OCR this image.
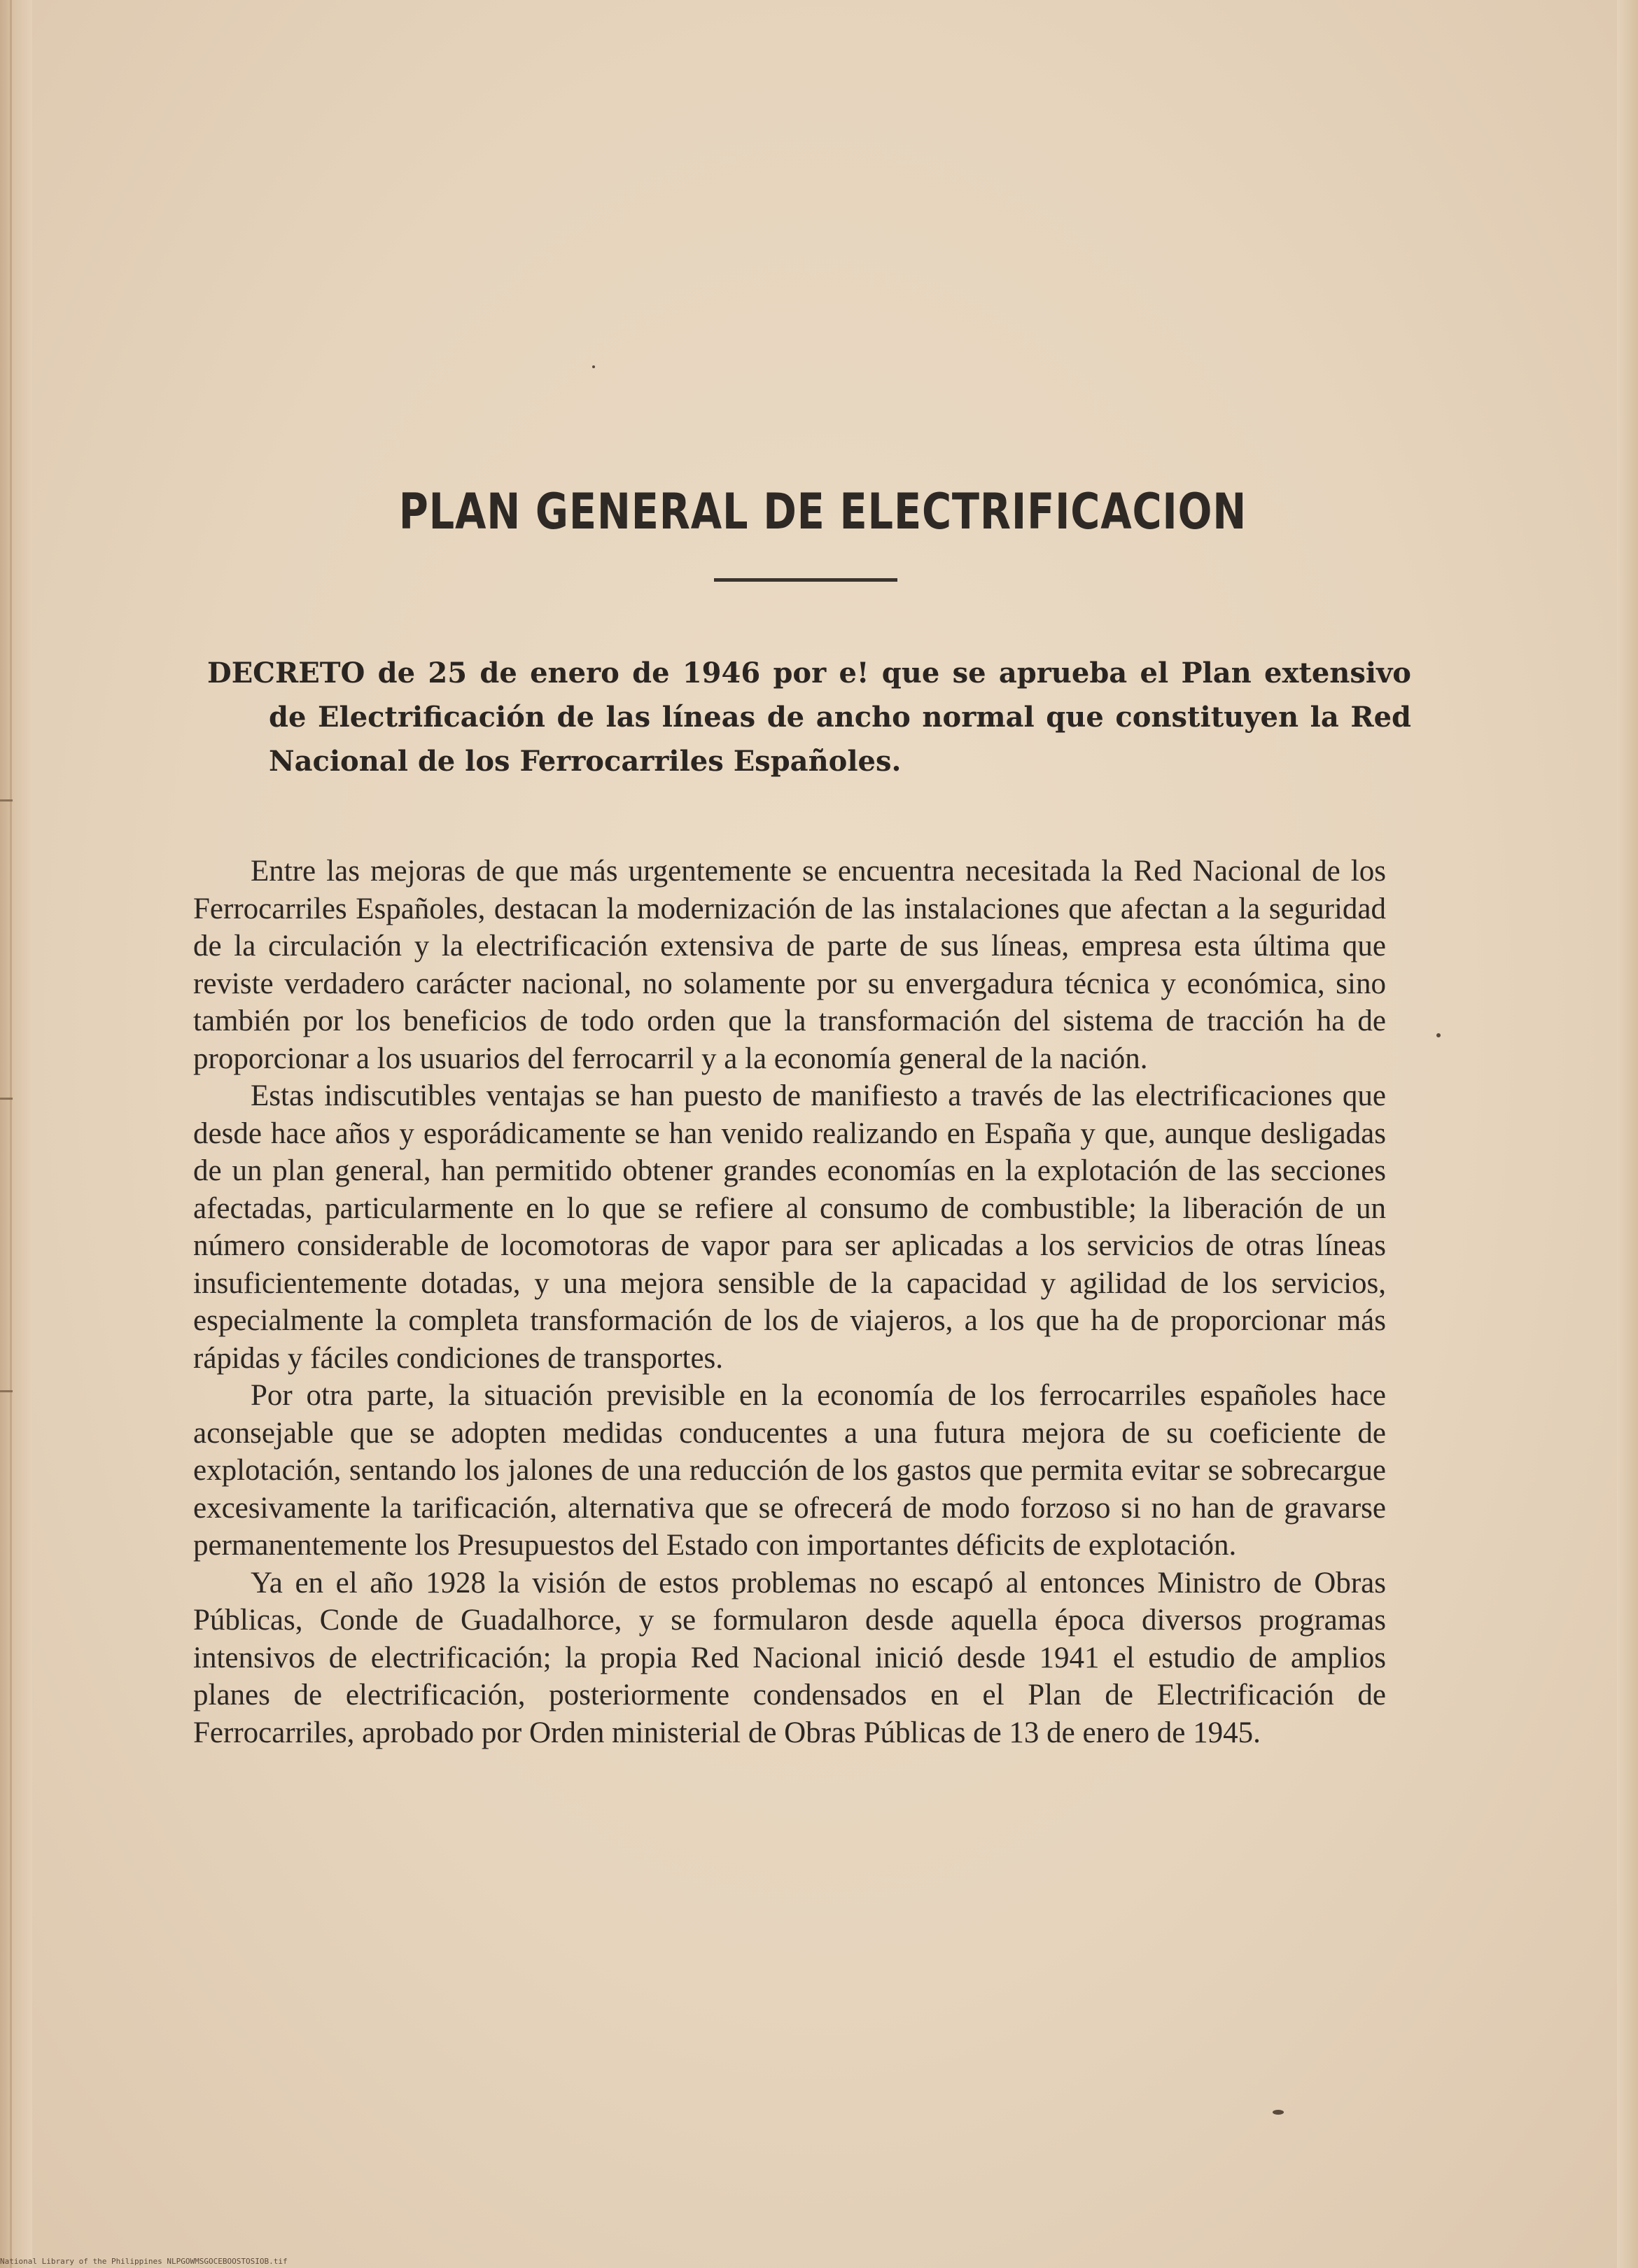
PLAN GENERAL DE ELECTRIFICACION
DECRETO de 25 de enero de 1946 por e! que se aprueba el Plan extensivo de Electrificación de las líneas de ancho normal que constituyen la Red Nacional de los Ferrocarriles Españoles.

Entre las mejoras de que más urgentemente se encuentra necesitada la Red Nacional de los Ferrocarriles Españoles, destacan la modernización de las instalaciones que afectan a la seguridad de la circulación y la electrificación extensiva de parte de sus líneas, empresa esta última que reviste verdadero carácter nacional, no solamente por su envergadura técnica y económica, sino también por los beneficios de todo orden que la transformación del sistema de tracción ha de proporcionar a los usuarios del ferrocarril y a la economía general de la nación.

Estas indiscutibles ventajas se han puesto de manifiesto a través de las electrificaciones que desde hace años y esporádicamente se han venido realizando en España y que, aunque desligadas de un plan general, han permitido obtener grandes economías en la explotación de las secciones afectadas, particularmente en lo que se refiere al consumo de combustible; la liberación de un número considerable de locomotoras de vapor para ser aplicadas a los servicios de otras líneas insuficientemente dotadas, y una mejora sensible de la capacidad y agilidad de los servicios, especialmente la completa transformación de los de viajeros, a los que ha de proporcionar más rápidas y fáciles condiciones de transportes.

Por otra parte, la situación previsible en la economía de los ferrocarriles españoles hace aconsejable que se adopten medidas conducentes a una futura mejora de su coeficiente de explotación, sentando los jalones de una reducción de los gastos que permita evitar se sobrecargue excesivamente la tarificación, alternativa que se ofrecerá de modo forzoso si no han de gravarse permanentemente los Presupuestos del Estado con importantes déficits de explotación.

Ya en el año 1928 la visión de estos problemas no escapó al entonces Ministro de Obras Públicas, Conde de Guadalhorce, y se formularon desde aquella época diversos programas intensivos de electrificación; la propia Red Nacional inició desde 1941 el estudio de amplios planes de electrificación, posteriormente condensados en el Plan de Electrificación de Ferrocarriles, aprobado por Orden ministerial de Obras Públicas de 13 de enero de 1945.

National Library of the Philippines NLPGOWMSGOCEBOOSTOSIOB.tif
